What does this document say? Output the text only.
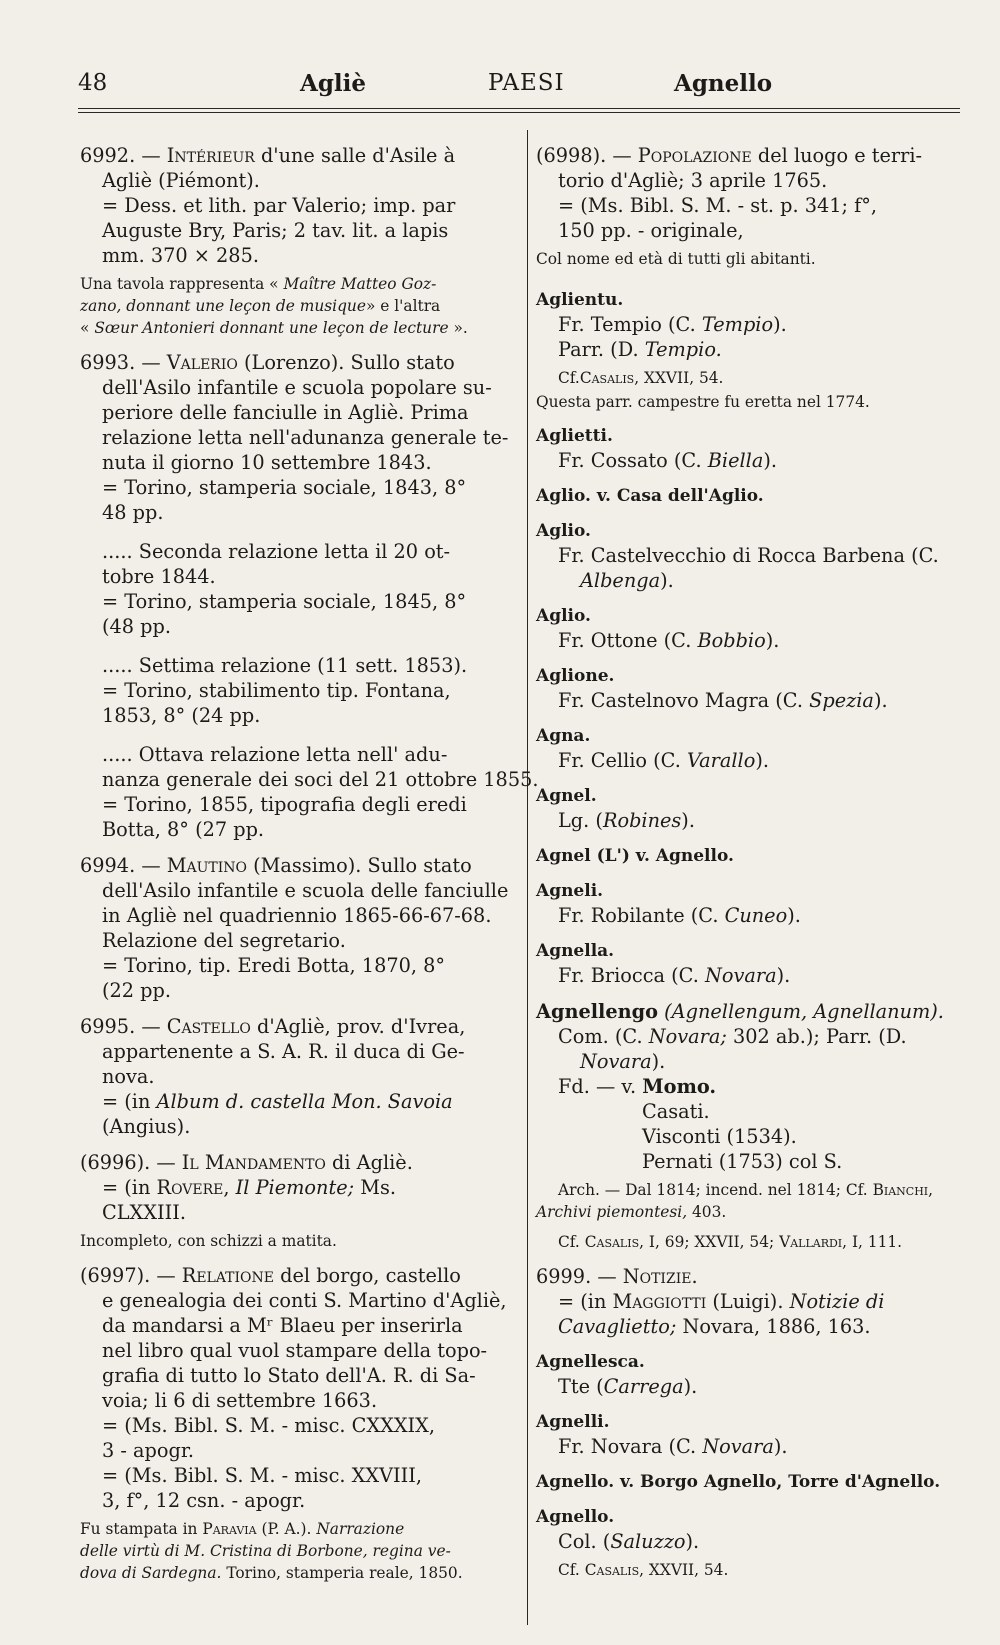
48	Agliè	PAESI	Agnello
6992. — Intérieur d'une salle d'Asile à
Agliè (Piémont).
= Dess. et lith. par Valerio; imp. par
Auguste Bry, Paris; 2 tav. lit. a lapis
mm. 370 × 285.
Una tavola rappresenta « Maître Matteo Goz-
zano, donnant une leçon de musique» e l'altra
« Sœur Antonieri donnant une leçon de lecture ».
6993. — Valerio (Lorenzo). Sullo stato
dell'Asilo infantile e scuola popolare su-
periore delle fanciulle in Agliè. Prima
relazione letta nell'adunanza generale te-
nuta il giorno 10 settembre 1843.
= Torino, stamperia sociale, 1843, 8°
48 pp.
..... Seconda relazione letta il 20 ot-
tobre 1844.
= Torino, stamperia sociale, 1845, 8°
(48 pp.
..... Settima relazione (11 sett. 1853).
= Torino, stabilimento tip. Fontana,
1853, 8° (24 pp.
..... Ottava relazione letta nell' adu-
nanza generale dei soci del 21 ottobre 1855.
= Torino, 1855, tipografia degli eredi
Botta, 8° (27 pp.
6994. — Mautino (Massimo). Sullo stato
dell'Asilo infantile e scuola delle fanciulle
in Agliè nel quadriennio 1865-66-67-68.
Relazione del segretario.
= Torino, tip. Eredi Botta, 1870, 8°
(22 pp.
6995. — Castello d'Agliè, prov. d'Ivrea,
appartenente a S. A. R. il duca di Ge-
nova.
= (in Album d. castella Mon. Savoia
(Angius).
(6996). — Il Mandamento di Agliè.
= (in Rovere, Il Piemonte; Ms.
CLXXIII.
Incompleto, con schizzi a matita.
(6997). — Relatione del borgo, castello
e genealogia dei conti S. Martino d'Agliè,
da mandarsi a Mʳ Blaeu per inserirla
nel libro qual vuol stampare della topo-
grafia di tutto lo Stato dell'A. R. di Sa-
voia; li 6 di settembre 1663.
= (Ms. Bibl. S. M. - misc. CXXXIX,
3 - apogr.
= (Ms. Bibl. S. M. - misc. XXVIII,
3, f°, 12 csn. - apogr.
Fu stampata in Paravia (P. A.). Narrazione
delle virtù di M. Cristina di Borbone, regina ve-
dova di Sardegna. Torino, stamperia reale, 1850.
(6998). — Popolazione del luogo e terri-
torio d'Agliè; 3 aprile 1765.
= (Ms. Bibl. S. M. - st. p. 341; f°,
150 pp. - originale,
Col nome ed età di tutti gli abitanti.
Aglientu.
Fr. Tempio (C. Tempio).
Parr. (D. Tempio.
Cf.Casalis, XXVII, 54.
Questa parr. campestre fu eretta nel 1774.
Aglietti.
Fr. Cossato (C. Biella).
Aglio. v. Casa dell'Aglio.
Aglio.
Fr. Castelvecchio di Rocca Barbena (C.
Albenga).
Aglio.
Fr. Ottone (C. Bobbio).
Aglione.
Fr. Castelnovo Magra (C. Spezia).
Agna.
Fr. Cellio (C. Varallo).
Agnel.
Lg. (Robines).
Agnel (L') v. Agnello.
Agneli.
Fr. Robilante (C. Cuneo).
Agnella.
Fr. Briocca (C. Novara).
Agnellengo (Agnellengum, Agnellanum).
Com. (C. Novara; 302 ab.); Parr. (D.
Novara).
Fd. — v. Momo.
Casati.
Visconti (1534).
Pernati (1753) col S.
Arch. — Dal 1814; incend. nel 1814; Cf. Bianchi,
Archivi piemontesi, 403.
Cf. Casalis, I, 69; XXVII, 54; Vallardi, I, 111.
6999. — Notizie.
= (in Maggiotti (Luigi). Notizie di
Cavaglietto; Novara, 1886, 163.
Agnellesca.
Tte (Carrega).
Agnelli.
Fr. Novara (C. Novara).
Agnello. v. Borgo Agnello, Torre d'Agnello.
Agnello.
Col. (Saluzzo).
Cf. Casalis, XXVII, 54.
